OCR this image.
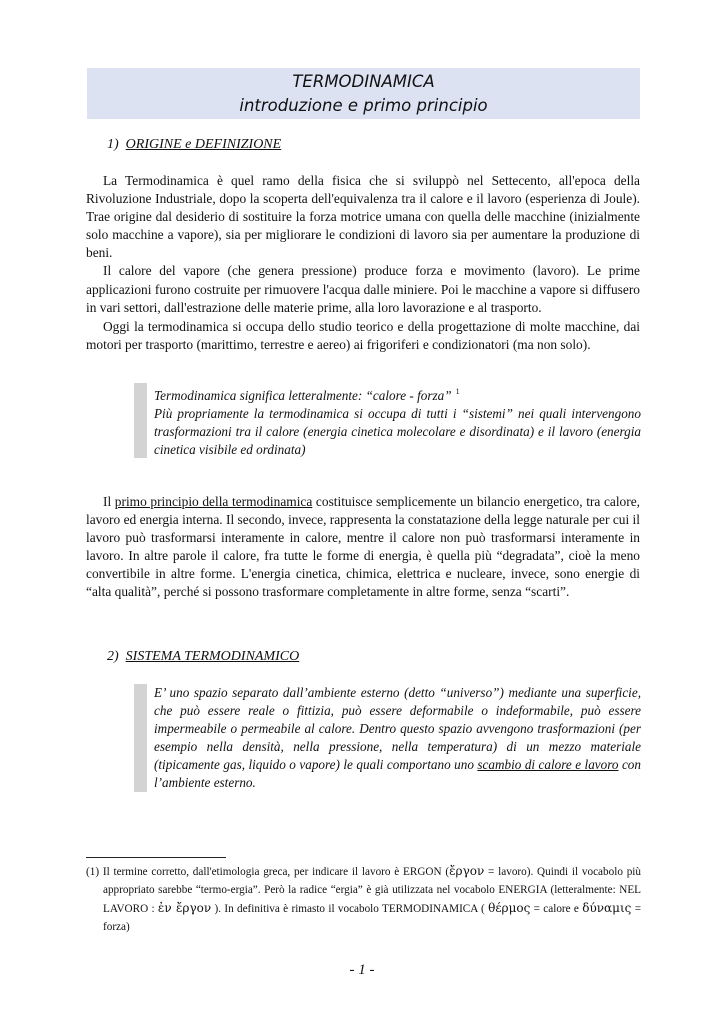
TERMODINAMICA
introduzione e primo principio
1) ORIGINE e DEFINIZIONE

La Termodinamica è quel ramo della fisica che si sviluppò nel Settecento, all'epoca della Rivoluzione Industriale, dopo la scoperta dell'equivalenza tra il calore e il lavoro (esperienza di Joule). Trae origine dal desiderio di sostituire la forza motrice umana con quella delle macchine (inizialmente solo macchine a vapore), sia per migliorare le condizioni di lavoro sia per aumentare la produzione di beni.

Il calore del vapore (che genera pressione) produce forza e movimento (lavoro). Le prime applicazioni furono costruite per rimuovere l'acqua dalle miniere. Poi le macchine a vapore si diffusero in vari settori, dall'estrazione delle materie prime, alla loro lavorazione e al trasporto.

Oggi la termodinamica si occupa dello studio teorico e della progettazione di molte macchine, dai motori per trasporto (marittimo, terrestre e aereo) ai frigoriferi e condizionatori (ma non solo).

Termodinamica significa letteralmente: “calore - forza” $^1$
Più propriamente la termodinamica si occupa di tutti i “sistemi” nei quali intervengono trasformazioni tra il calore (energia cinetica molecolare e disordinata) e il lavoro (energia cinetica visibile ed ordinata)

Il primo principio della termodinamica costituisce semplicemente un bilancio energetico, tra calore, lavoro ed energia interna. Il secondo, invece, rappresenta la constatazione della legge naturale per cui il lavoro può trasformarsi interamente in calore, mentre il calore non può trasformarsi interamente in lavoro. In altre parole il calore, fra tutte le forme di energia, è quella più “degradata”, cioè la meno convertibile in altre forme. L'energia cinetica, chimica, elettrica e nucleare, invece, sono energie di “alta qualità”, perché si possono trasformare completamente in altre forme, senza “scarti”.

2) SISTEMA TERMODINAMICO
E’ uno spazio separato dall’ambiente esterno (detto “universo”) mediante una superficie, che può essere reale o fittizia, può essere deformabile o indeformabile, può essere impermeabile o permeabile al calore. Dentro questo spazio avvengono trasformazioni (per esempio nella densità, nella pressione, nella temperatura) di un mezzo materiale (tipicamente gas, liquido o vapore) le quali comportano uno scambio di calore e lavoro con l’ambiente esterno.
(1) Il termine corretto, dall'etimologia greca, per indicare il lavoro è ERGON (ἔργον = lavoro). Quindi il vocabolo più appropriato sarebbe “termo-ergia”. Però la radice “ergia” è già utilizzata nel vocabolo ENERGIA (letteralmente: NEL LAVORO : ἐν ἔργον ). In definitiva è rimasto il vocabolo TERMODINAMICA ( θέρμος = calore e δύναμις = forza)
- 1 -
